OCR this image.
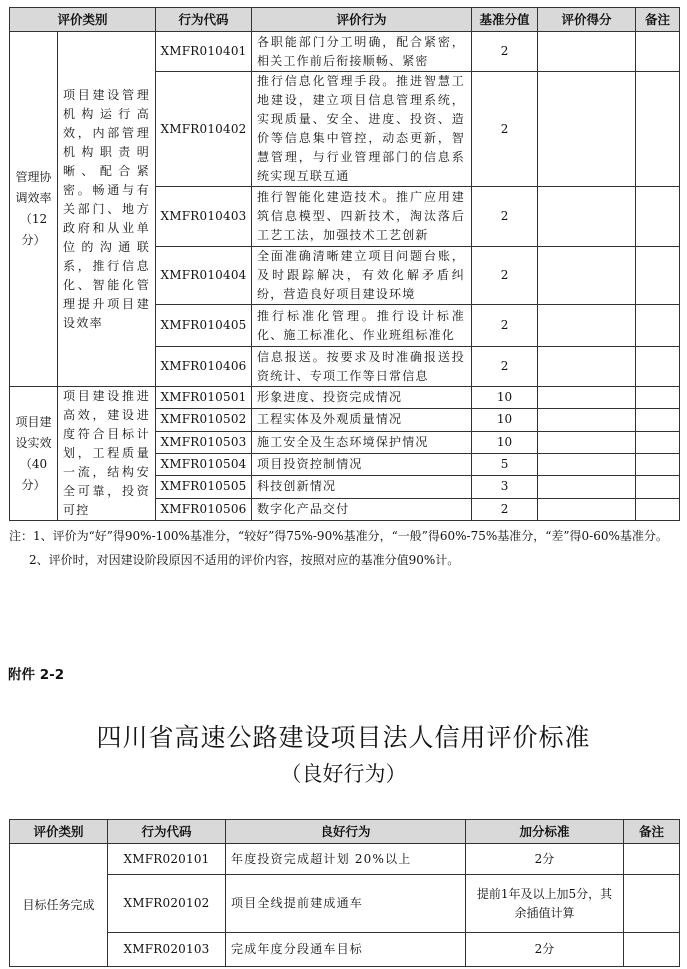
评价类别		行为代码	评价行为	基准分值	评价得分	备注
管理协调效率（12分）	项目建设管理机构运行高效，内部管理机构职责明晰、配合紧密。畅通与有关部门、地方政府和从业单位的沟通联系，推行信息化、智能化管理提升项目建设效率	XMFR010401	各职能部门分工明确，配合紧密，相关工作前后衔接顺畅、紧密	2		
		XMFR010402	推行信息化管理手段。推进智慧工地建设，建立项目信息管理系统，实现质量、安全、进度、投资、造价等信息集中管控，动态更新，智慧管理，与行业管理部门的信息系统实现互联互通	2		
		XMFR010403	推行智能化建造技术。推广应用建筑信息模型、四新技术，淘汰落后工艺工法，加强技术工艺创新	2		
		XMFR010404	全面准确清晰建立项目问题台账，及时跟踪解决，有效化解矛盾纠纷，营造良好项目建设环境	2		
		XMFR010405	推行标准化管理。推行设计标准化、施工标准化、作业班组标准化	2		
		XMFR010406	信息报送。按要求及时准确报送投资统计、专项工作等日常信息	2		
项目建设实效（40分）	项目建设推进高效，建设进度符合目标计划，工程质量一流，结构安全可靠，投资可控	XMFR010501	形象进度、投资完成情况	10		
		XMFR010502	工程实体及外观质量情况	10		
		XMFR010503	施工安全及生态环境保护情况	10		
		XMFR010504	项目投资控制情况	5		
		XMFR010505	科技创新情况	3		
		XMFR010506	数字化产品交付	2		

注：1、评价为“好”得90%-100%基准分，“较好”得75%-90%基准分，“一般”得60%-75%基准分，“差”得0-60%基准分。

2、评价时，对因建设阶段原因不适用的评价内容，按照对应的基准分值90%计。

附件 2-2
四川省高速公路建设项目法人信用评价标准
（良好行为）
评价类别	行为代码	良好行为	加分标准	备注
目标任务完成	XMFR020101	年度投资完成超计划 20%以上	2分	
	XMFR020102	项目全线提前建成通车	提前1年及以上加5分，其余插值计算	
	XMFR020103	完成年度分段通车目标	2分	
